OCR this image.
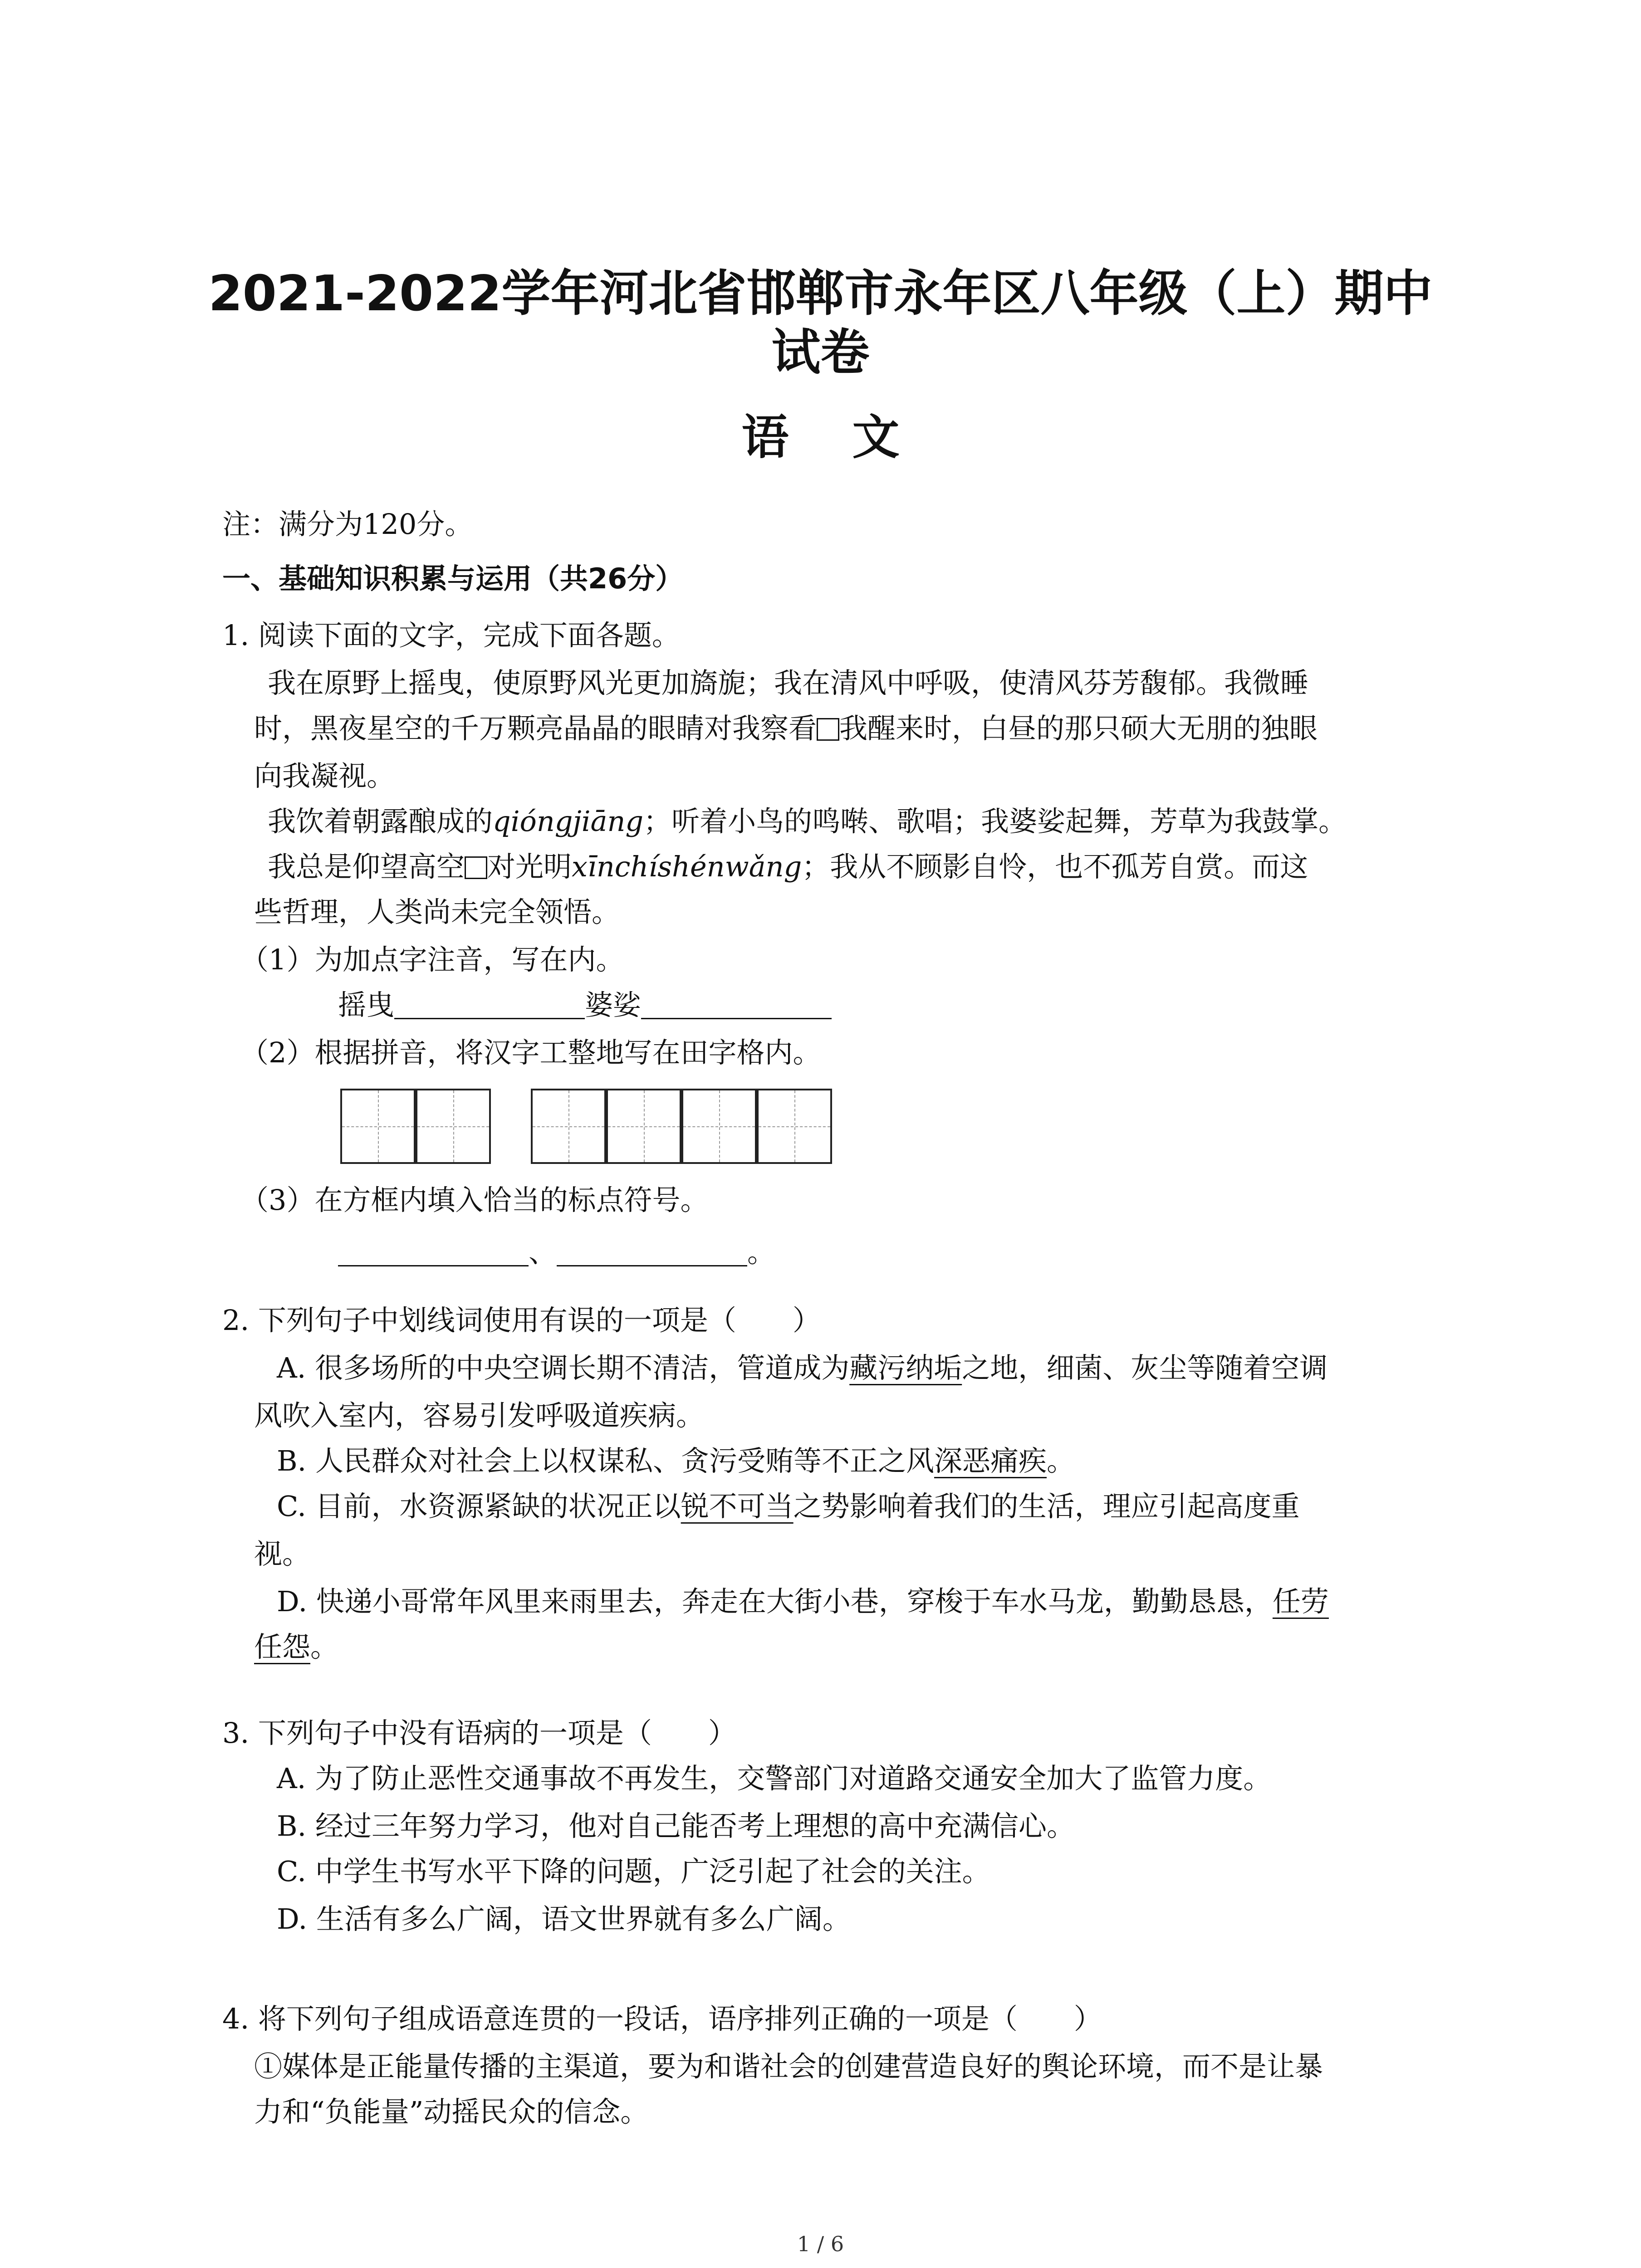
2021-2022学年河北省邯郸市永年区八年级（上）期中
试卷
语文
注：满分为120分。
一、基础知识积累与运用（共26分）
1. 阅读下面的文字，完成下面各题。
我在原野上摇曳，使原野风光更加旖旎；我在清风中呼吸，使清风芬芳馥郁。我微睡
时，黑夜星空的千万颗亮晶晶的眼睛对我察看 我醒来时，白昼的那只硕大无朋的独眼
向我凝视。
我饮着朝露酿成的qióngjiāng；听着小鸟的鸣啭、歌唱；我婆娑起舞，芳草为我鼓掌。
我总是仰望高空 对光明xīnchíshénwǎng；我从不顾影自怜，也不孤芳自赏。而这
些哲理，人类尚未完全领悟。
（1）为加点字注音，写在内。
摇曳	婆娑
（2）根据拼音，将汉字工整地写在田字格内。
（3）在方框内填入恰当的标点符号。
、	。
2. 下列句子中划线词使用有误的一项是（　　）
A. 很多场所的中央空调长期不清洁，管道成为藏污纳垢之地，细菌、灰尘等随着空调
风吹入室内，容易引发呼吸道疾病。
B. 人民群众对社会上以权谋私、贪污受贿等不正之风深恶痛疾。
C. 目前，水资源紧缺的状况正以锐不可当之势影响着我们的生活，理应引起高度重
视。
D. 快递小哥常年风里来雨里去，奔走在大街小巷，穿梭于车水马龙，勤勤恳恳，任劳
任怨。
3. 下列句子中没有语病的一项是（　　）
A. 为了防止恶性交通事故不再发生，交警部门对道路交通安全加大了监管力度。
B. 经过三年努力学习，他对自己能否考上理想的高中充满信心。
C. 中学生书写水平下降的问题，广泛引起了社会的关注。
D. 生活有多么广阔，语文世界就有多么广阔。
4. 将下列句子组成语意连贯的一段话，语序排列正确的一项是（　　）
①媒体是正能量传播的主渠道，要为和谐社会的创建营造良好的舆论环境，而不是让暴
力和“负能量”动摇民众的信念。
1 / 6
